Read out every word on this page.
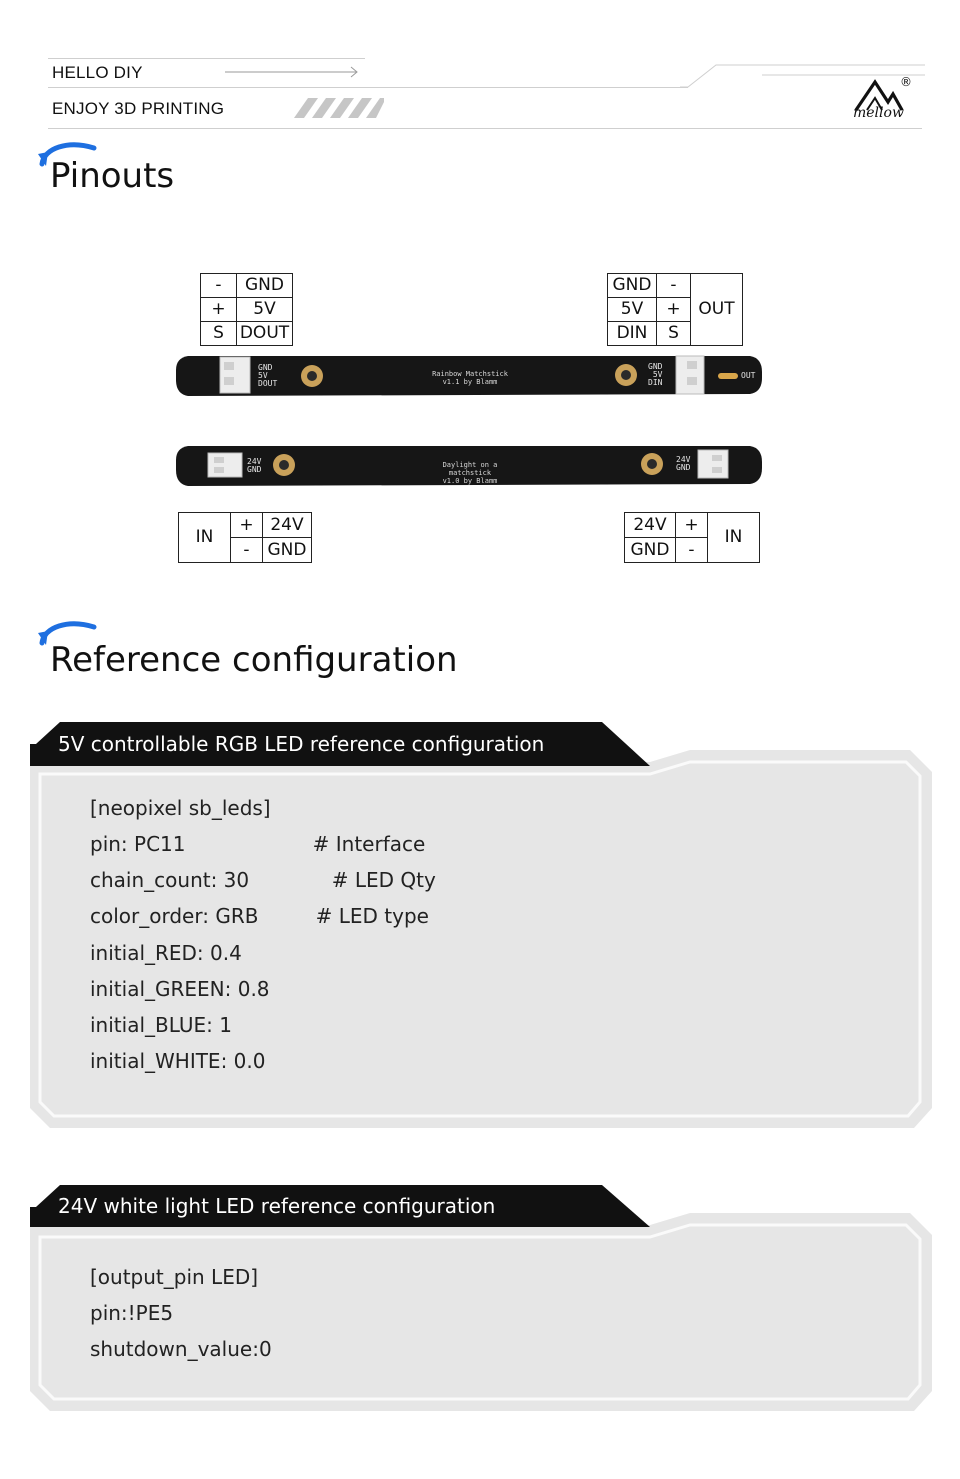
HELLO DIY
ENJOY 3D PRINTING	mellow
®
Pinouts
-	GND
+	5V
S	DOUT
GND	-	OUT
5V	+	
DIN	S	
Rainbow Matchstick
v1.1 by Blamm
GND
5V
DOUT
GND
5V
DIN
OUT
Daylight on a matchstick
v1.0 by Blamm
24V
GND
24V
GND
IN	+	24V
	-	GND
24V	+	IN
GND	-	
Reference configuration
5V controllable RGB LED reference configuration
[neopixel sb_leds]
pin: PC11                    # Interface
chain_count: 30             # LED Qty
color_order: GRB         # LED type
initial_RED: 0.4
initial_GREEN: 0.8
initial_BLUE: 1
initial_WHITE: 0.0
24V white light LED reference configuration
[output_pin LED]
pin:!PE5
shutdown_value:0
